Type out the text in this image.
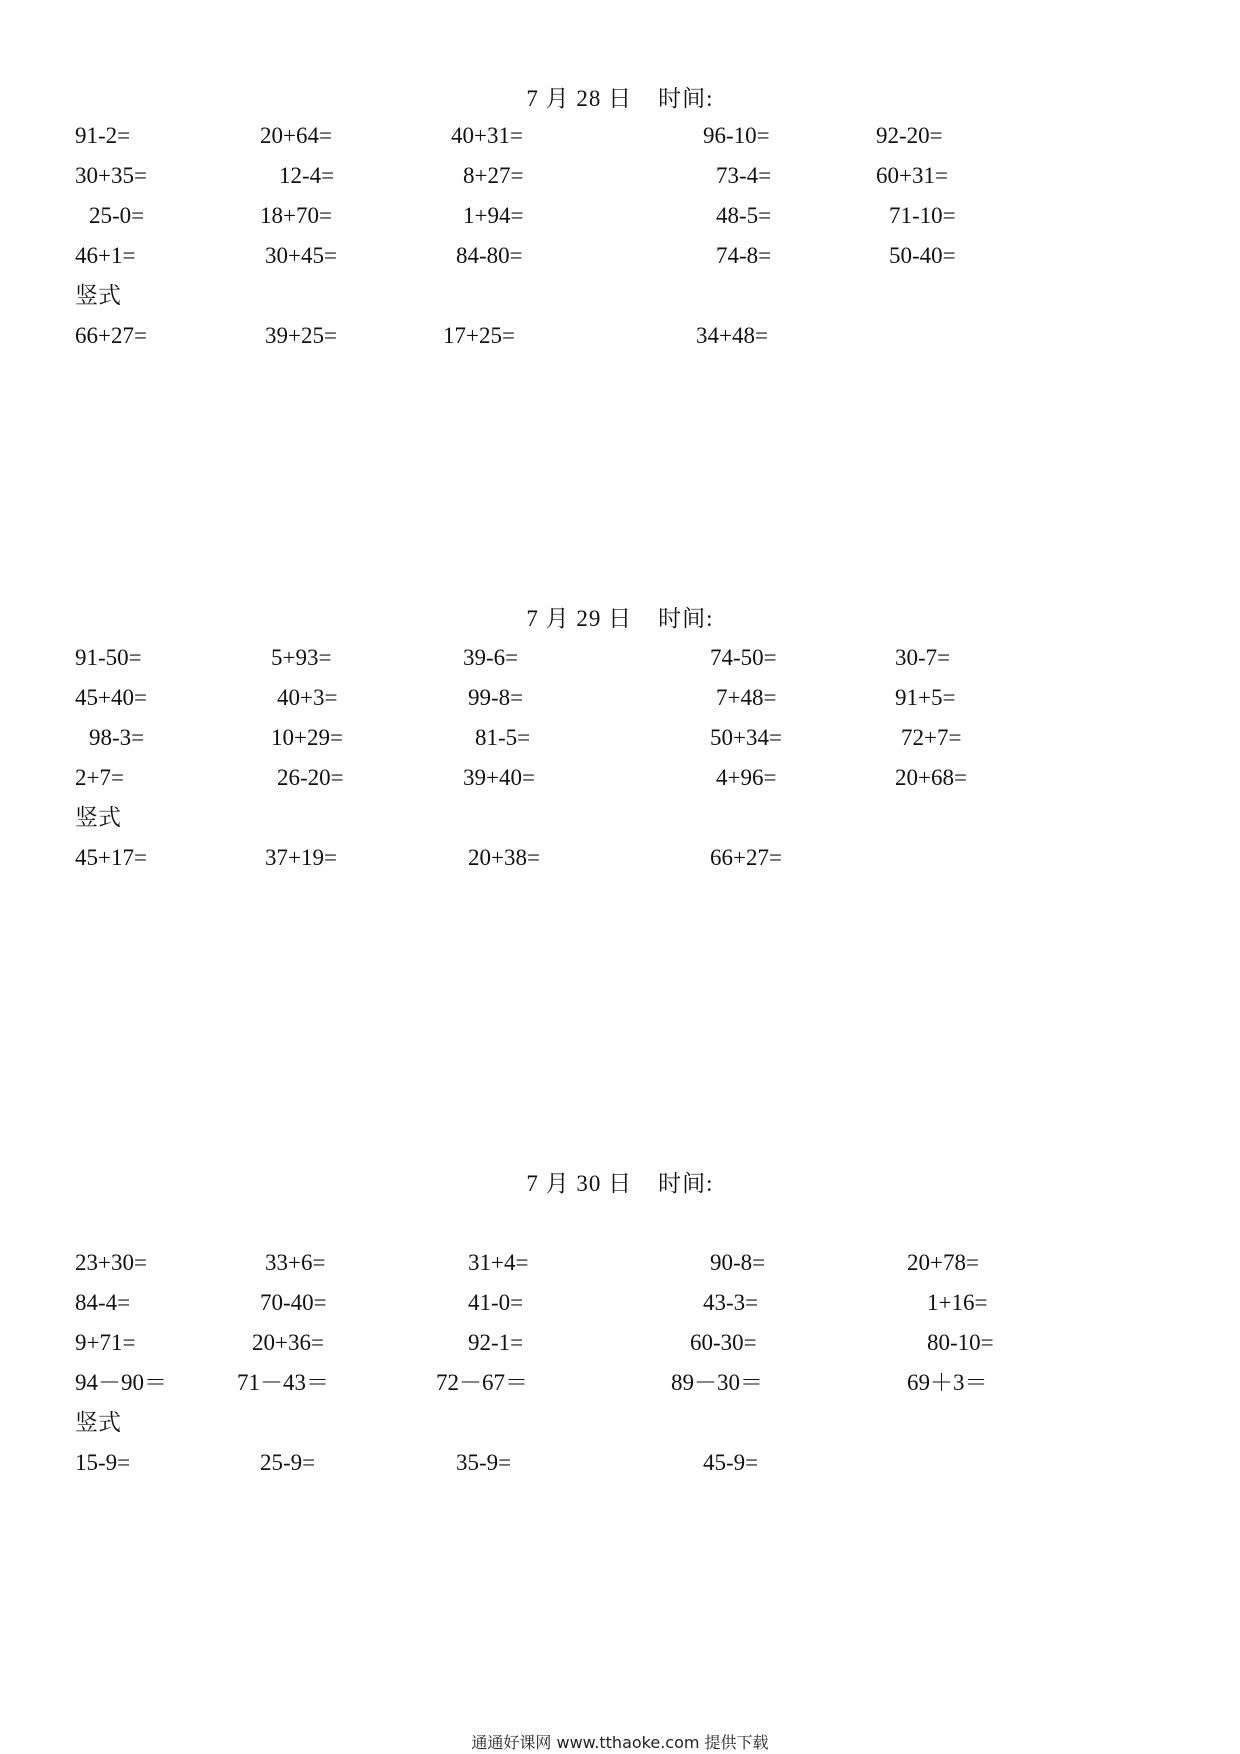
7 月 28 日 时间:
91-2=	20+64=	40+31=	96-10=	92-20=
30+35=	12-4=	8+27=	73-4=	60+31=
25-0=	18+70=	1+94=	48-5=	71-10=
46+1=	30+45=	84-80=	74-8=	50-40=
竖式
66+27=	39+25=	17+25=	34+48=
7 月 29 日 时间:
91-50=	5+93=	39-6=	74-50=	30-7=
45+40=	40+3=	99-8=	7+48=	91+5=
98-3=	10+29=	81-5=	50+34=	72+7=
2+7=	26-20=	39+40=	4+96=	20+68=
竖式
45+17=	37+19=	20+38=	66+27=
7 月 30 日 时间:
23+30=	33+6=	31+4=	90-8=	20+78=
84-4=	70-40=	41-0=	43-3=	1+16=
9+71=	20+36=	92-1=	60-30=	80-10=
94－90＝	71－43＝	72－67＝	89－30＝	69＋3＝
竖式
15-9=	25-9=	35-9=	45-9=
通通好课网 www.tthaoke.com 提供下载
